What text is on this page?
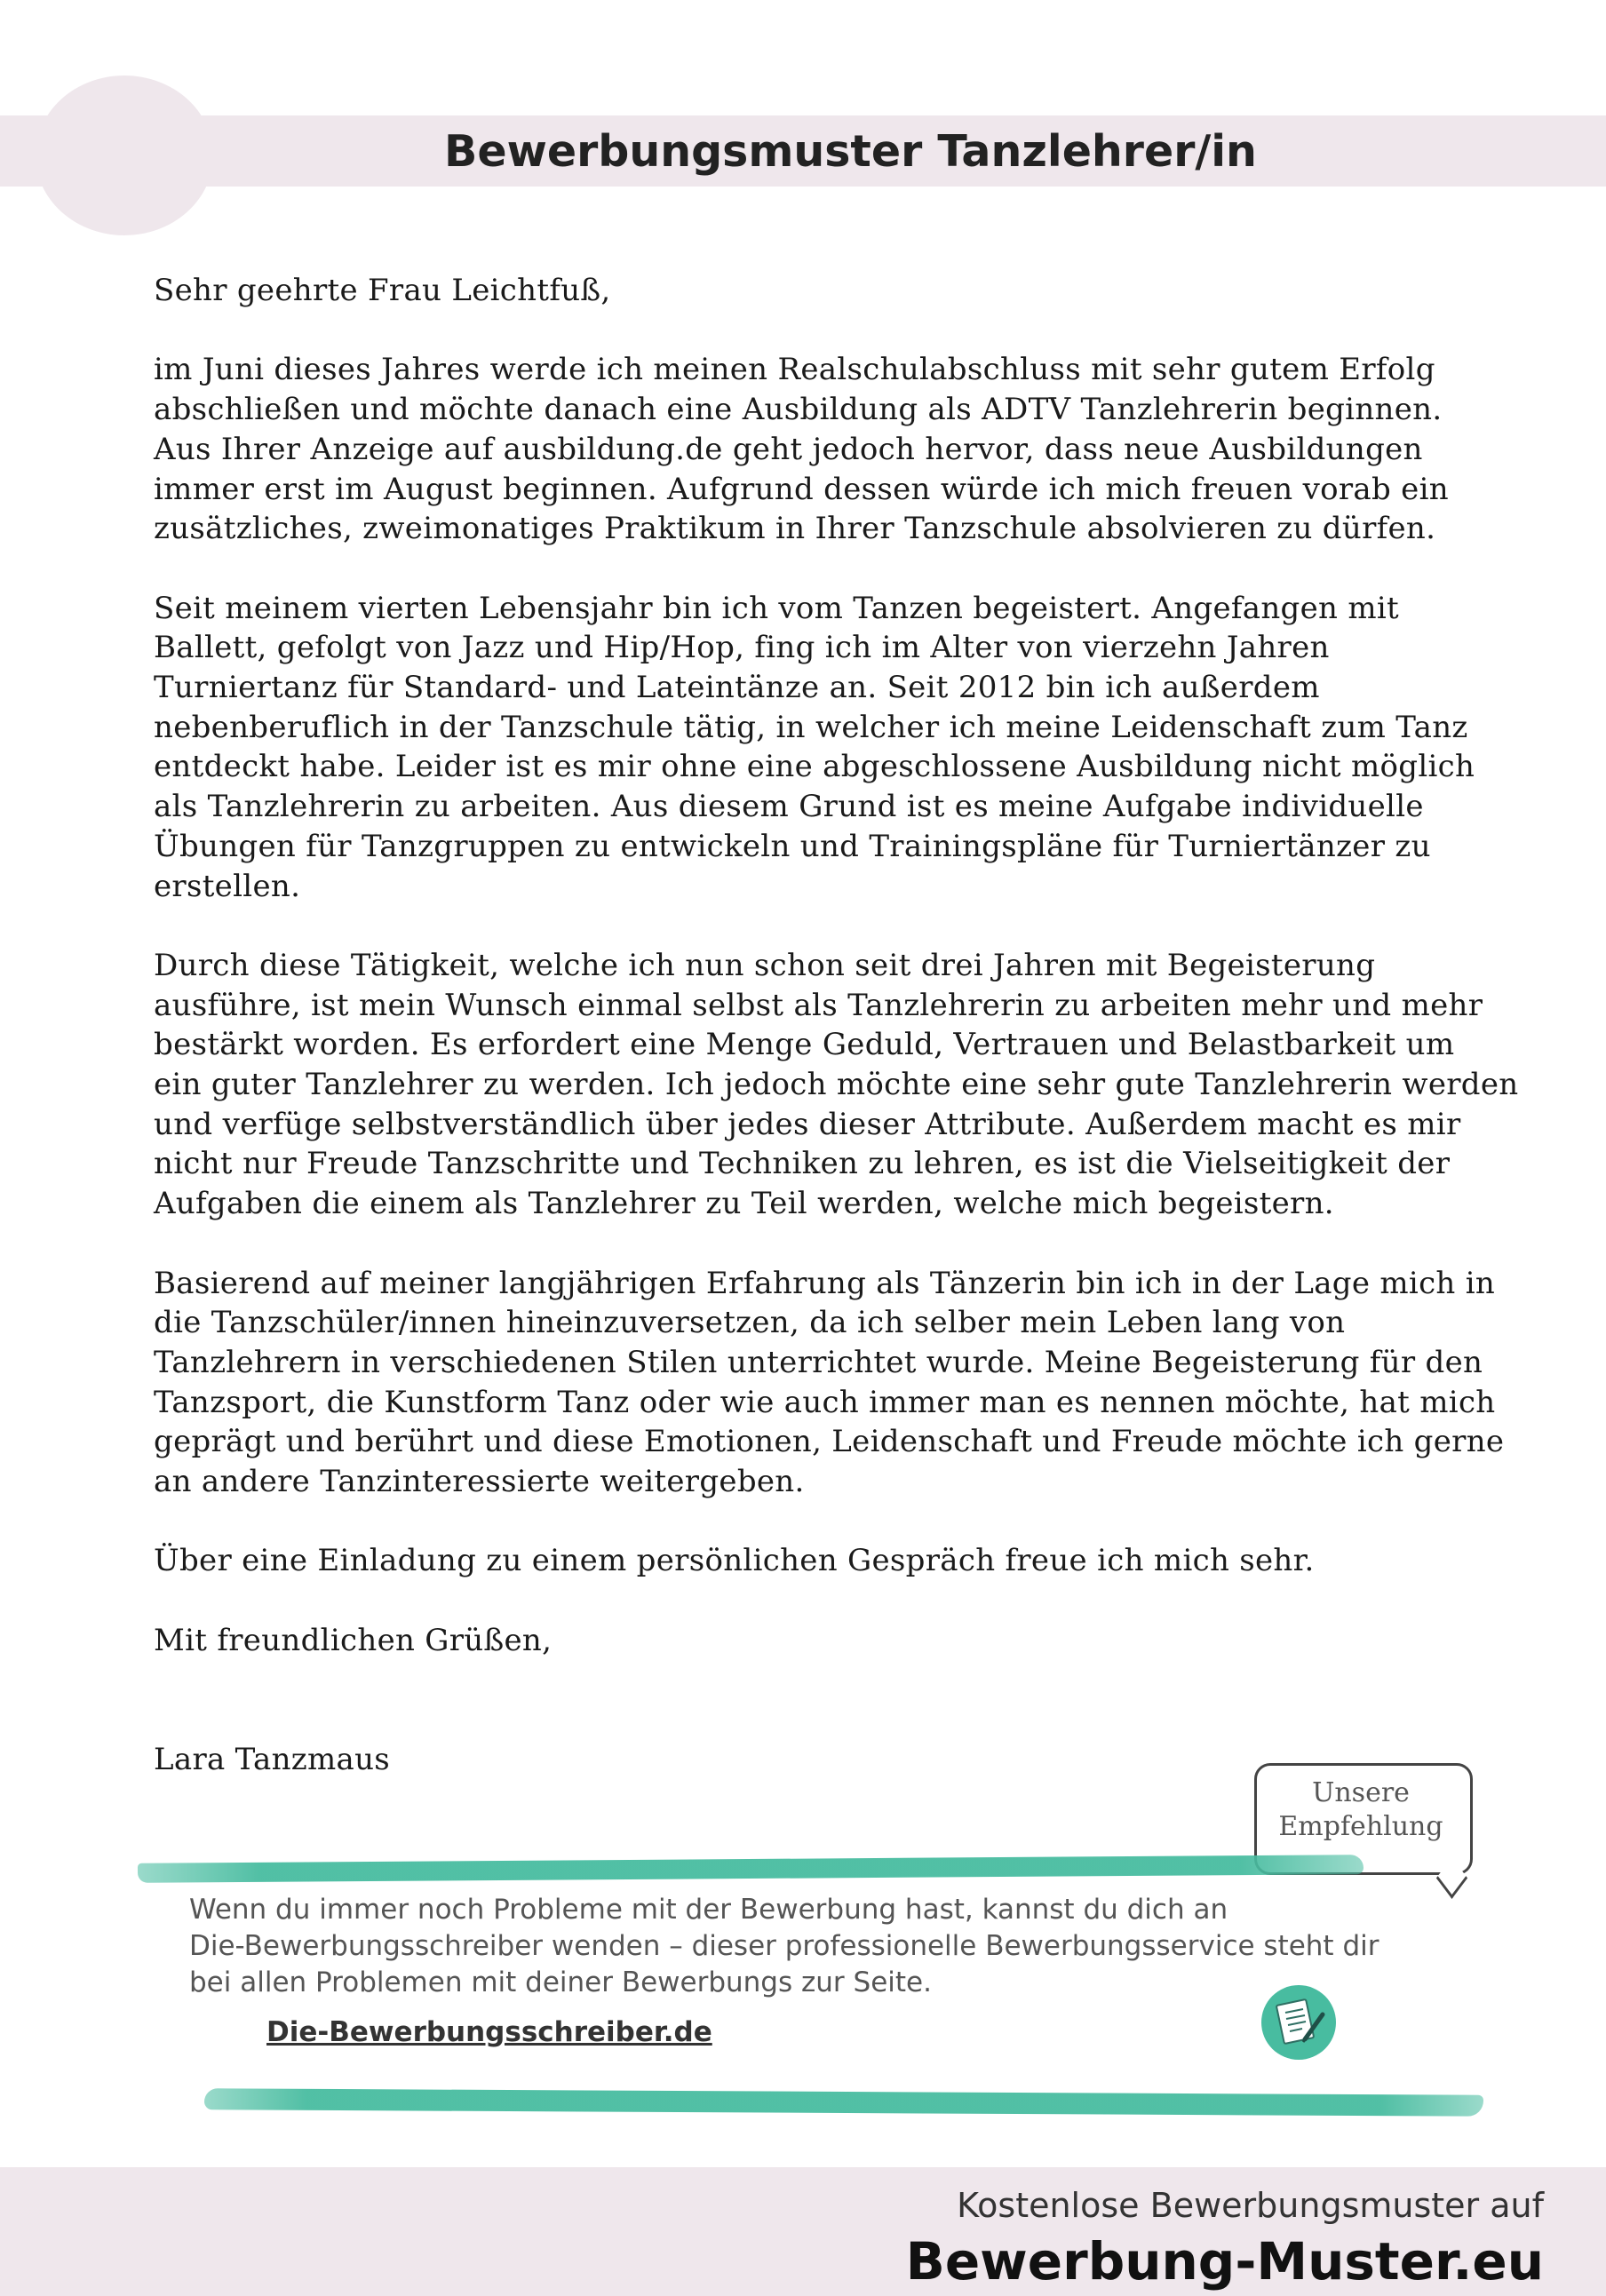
Bewerbungsmuster Tanzlehrer/in

Sehr geehrte Frau Leichtfuß,

im Juni dieses Jahres werde ich meinen Realschulabschluss mit sehr gutem Erfolg
abschließen und möchte danach eine Ausbildung als ADTV Tanzlehrerin beginnen.
Aus Ihrer Anzeige auf ausbildung.de geht jedoch hervor, dass neue Ausbildungen
immer erst im August beginnen. Aufgrund dessen würde ich mich freuen vorab ein
zusätzliches, zweimonatiges Praktikum in Ihrer Tanzschule absolvieren zu dürfen.

Seit meinem vierten Lebensjahr bin ich vom Tanzen begeistert. Angefangen mit
Ballett, gefolgt von Jazz und Hip/Hop, fing ich im Alter von vierzehn Jahren
Turniertanz für Standard- und Lateintänze an. Seit 2012 bin ich außerdem
nebenberuflich in der Tanzschule tätig, in welcher ich meine Leidenschaft zum Tanz
entdeckt habe. Leider ist es mir ohne eine abgeschlossene Ausbildung nicht möglich
als Tanzlehrerin zu arbeiten. Aus diesem Grund ist es meine Aufgabe individuelle
Übungen für Tanzgruppen zu entwickeln und Trainingspläne für Turniertänzer zu
erstellen.

Durch diese Tätigkeit, welche ich nun schon seit drei Jahren mit Begeisterung
ausführe, ist mein Wunsch einmal selbst als Tanzlehrerin zu arbeiten mehr und mehr
bestärkt worden. Es erfordert eine Menge Geduld, Vertrauen und Belastbarkeit um
ein guter Tanzlehrer zu werden. Ich jedoch möchte eine sehr gute Tanzlehrerin werden
und verfüge selbstverständlich über jedes dieser Attribute. Außerdem macht es mir
nicht nur Freude Tanzschritte und Techniken zu lehren, es ist die Vielseitigkeit der
Aufgaben die einem als Tanzlehrer zu Teil werden, welche mich begeistern.

Basierend auf meiner langjährigen Erfahrung als Tänzerin bin ich in der Lage mich in
die Tanzschüler/innen hineinzuversetzen, da ich selber mein Leben lang von
Tanzlehrern in verschiedenen Stilen unterrichtet wurde. Meine Begeisterung für den
Tanzsport, die Kunstform Tanz oder wie auch immer man es nennen möchte, hat mich
geprägt und berührt und diese Emotionen, Leidenschaft und Freude möchte ich gerne
an andere Tanzinteressierte weitergeben.

Über eine Einladung zu einem persönlichen Gespräch freue ich mich sehr.

Mit freundlichen Grüßen,

Lara Tanzmaus

Unsere
Empfehlung
Wenn du immer noch Probleme mit der Bewerbung hast, kannst du dich an
Die-Bewerbungsschreiber wenden – dieser professionelle Bewerbungsservice steht dir
bei allen Problemen mit deiner Bewerbungs zur Seite.
Die-Bewerbungsschreiber.de
Kostenlose Bewerbungsmuster auf
Bewerbung-Muster.eu
